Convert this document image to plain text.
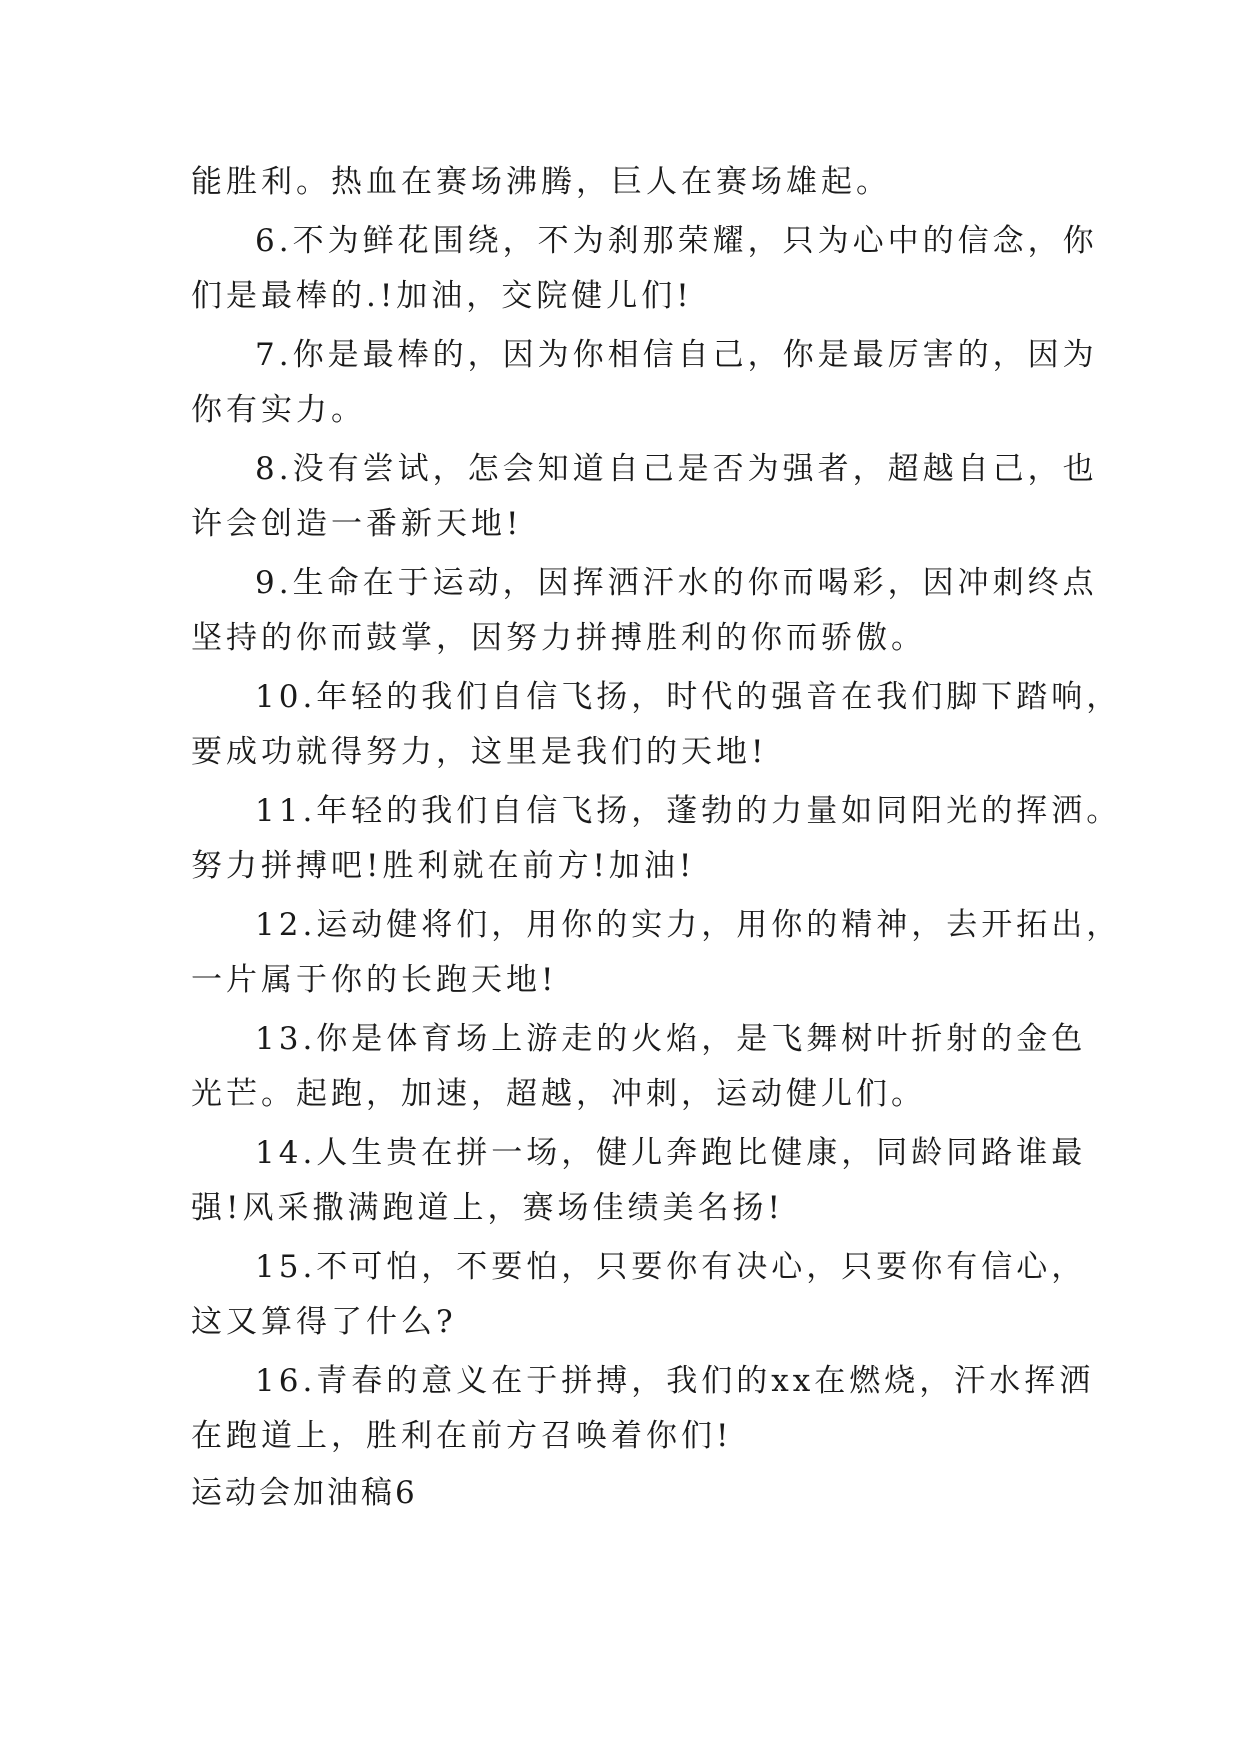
能胜利。热血在赛场沸腾，巨人在赛场雄起。
6.不为鲜花围绕，不为刹那荣耀，只为心中的信念，你
们是最棒的.!加油，交院健儿们!
7.你是最棒的，因为你相信自己，你是最厉害的，因为
你有实力。
8.没有尝试，怎会知道自己是否为强者，超越自己，也
许会创造一番新天地!
9.生命在于运动，因挥洒汗水的你而喝彩，因冲刺终点
坚持的你而鼓掌，因努力拼搏胜利的你而骄傲。
10.年轻的我们自信飞扬，时代的强音在我们脚下踏响，
要成功就得努力，这里是我们的天地!
11.年轻的我们自信飞扬，蓬勃的力量如同阳光的挥洒。
努力拼搏吧!胜利就在前方!加油!
12.运动健将们，用你的实力，用你的精神，去开拓出，
一片属于你的长跑天地!
13.你是体育场上游走的火焰，是飞舞树叶折射的金色
光芒。起跑，加速，超越，冲刺，运动健儿们。
14.人生贵在拼一场，健儿奔跑比健康，同龄同路谁最
强!风采撒满跑道上，赛场佳绩美名扬!
15.不可怕，不要怕，只要你有决心，只要你有信心，
这又算得了什么?
16.青春的意义在于拼搏，我们的xx在燃烧，汗水挥洒
在跑道上，胜利在前方召唤着你们!
运动会加油稿6
